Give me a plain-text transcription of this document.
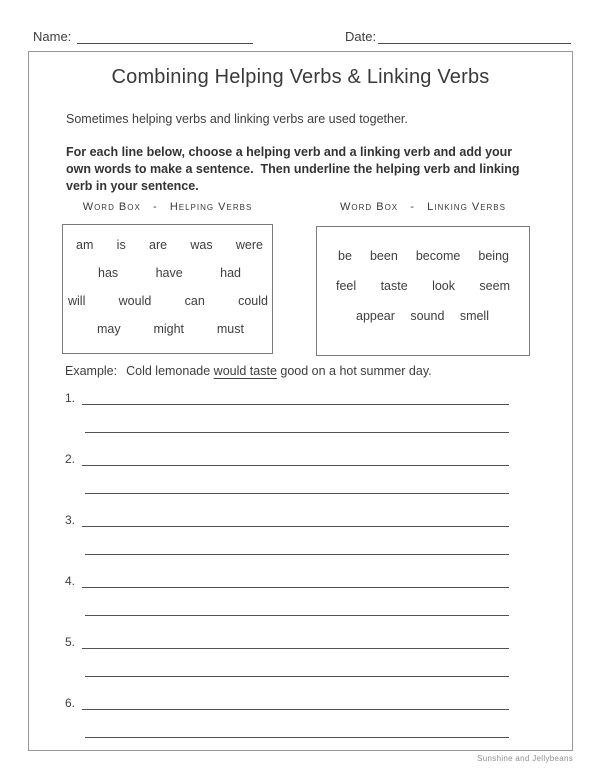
Name:	Date:
Combining Helping Verbs & Linking Verbs
Sometimes helping verbs and linking verbs are used together.
For each line below, choose a helping verb and a linking verb and add your
own words to make a sentence.  Then underline the helping verb and linking
verb in your sentence.
Word Box   -   Helping Verbs	Word Box   -   Linking Verbs
am is are was were
has	have	had
will	would	can	could
may	might	must
be been become being
feel taste look seem
appear sound smell
Example: Cold lemonade would taste good on a hot summer day.
1.
2.
3.
4.
5.
6.
Sunshine and Jellybeans
